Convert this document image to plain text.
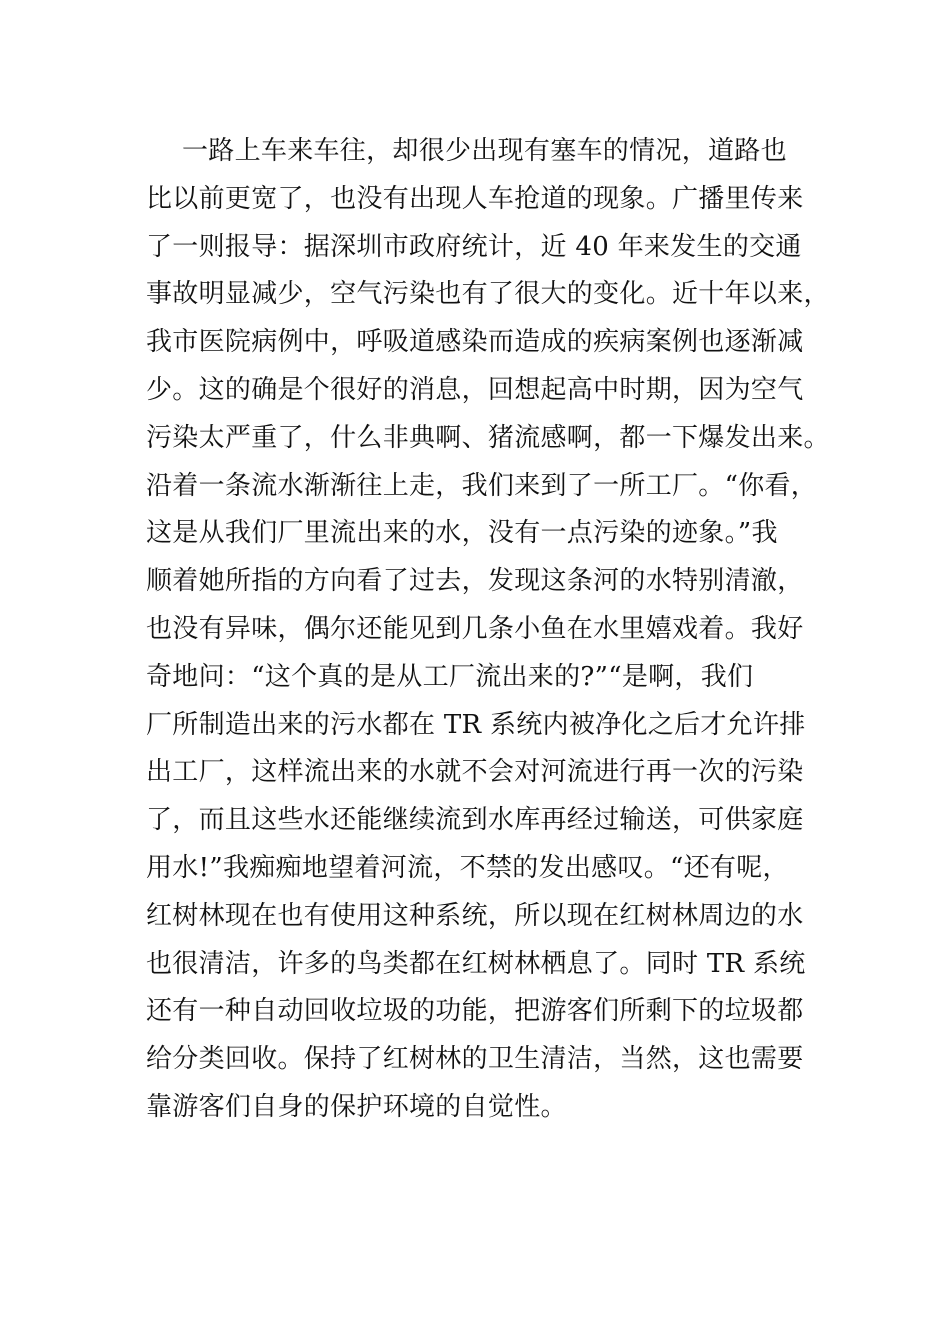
一路上车来车往，却很少出现有塞车的情况，道路也
比以前更宽了，也没有出现人车抢道的现象。广播里传来
了一则报导：据深圳市政府统计，近 40 年来发生的交通
事故明显减少，空气污染也有了很大的变化。近十年以来，
我市医院病例中，呼吸道感染而造成的疾病案例也逐渐减
少。这的确是个很好的消息，回想起高中时期，因为空气
污染太严重了，什么非典啊、猪流感啊，都一下爆发出来。
沿着一条流水渐渐往上走，我们来到了一所工厂。“你看，
这是从我们厂里流出来的水，没有一点污染的迹象。”我
顺着她所指的方向看了过去，发现这条河的水特别清澈，
也没有异味，偶尔还能见到几条小鱼在水里嬉戏着。我好
奇地问：“这个真的是从工厂流出来的?”“是啊，我们
厂所制造出来的污水都在 TR 系统内被净化之后才允许排
出工厂，这样流出来的水就不会对河流进行再一次的污染
了，而且这些水还能继续流到水库再经过输送，可供家庭
用水!”我痴痴地望着河流，不禁的发出感叹。“还有呢，
红树林现在也有使用这种系统，所以现在红树林周边的水
也很清洁，许多的鸟类都在红树林栖息了。同时 TR 系统
还有一种自动回收垃圾的功能，把游客们所剩下的垃圾都
给分类回收。保持了红树林的卫生清洁，当然，这也需要
靠游客们自身的保护环境的自觉性。
